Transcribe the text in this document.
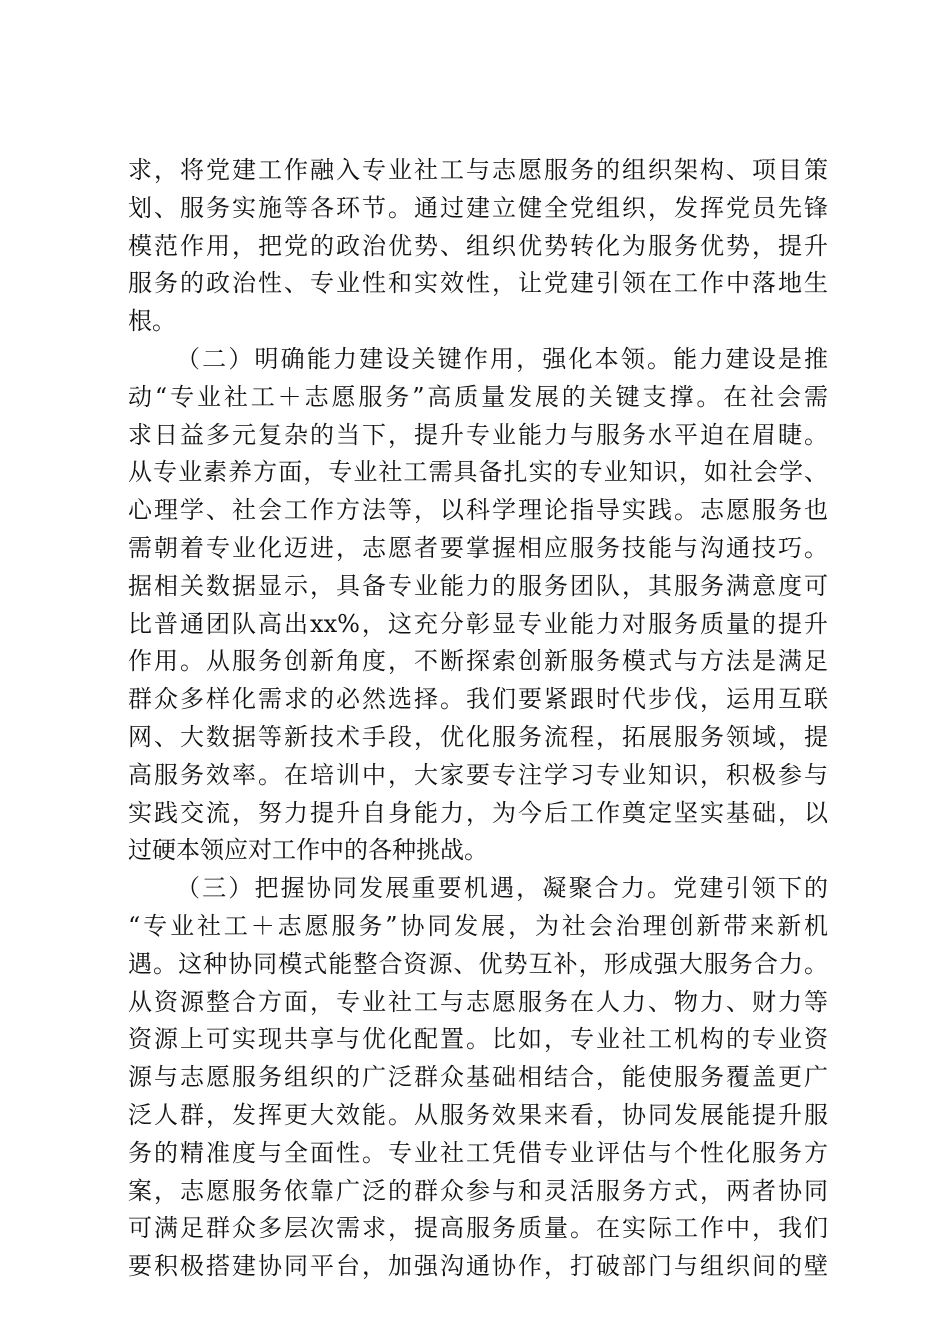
求，将党建工作融入专业社工与志愿服务的组织架构、项目策
划、服务实施等各环节。通过建立健全党组织，发挥党员先锋
模范作用，把党的政治优势、组织优势转化为服务优势，提升
服务的政治性、专业性和实效性，让党建引领在工作中落地生
根。
（二）明确能力建设关键作用，强化本领。能力建设是推
动“专业社工＋志愿服务”高质量发展的关键支撑。在社会需
求日益多元复杂的当下，提升专业能力与服务水平迫在眉睫。
从专业素养方面，专业社工需具备扎实的专业知识，如社会学、
心理学、社会工作方法等，以科学理论指导实践。志愿服务也
需朝着专业化迈进，志愿者要掌握相应服务技能与沟通技巧。
据相关数据显示，具备专业能力的服务团队，其服务满意度可
比普通团队高出xx%，这充分彰显专业能力对服务质量的提升
作用。从服务创新角度，不断探索创新服务模式与方法是满足
群众多样化需求的必然选择。我们要紧跟时代步伐，运用互联
网、大数据等新技术手段，优化服务流程，拓展服务领域，提
高服务效率。在培训中，大家要专注学习专业知识，积极参与
实践交流，努力提升自身能力，为今后工作奠定坚实基础，以
过硬本领应对工作中的各种挑战。
（三）把握协同发展重要机遇，凝聚合力。党建引领下的
“专业社工＋志愿服务”协同发展，为社会治理创新带来新机
遇。这种协同模式能整合资源、优势互补，形成强大服务合力。
从资源整合方面，专业社工与志愿服务在人力、物力、财力等
资源上可实现共享与优化配置。比如，专业社工机构的专业资
源与志愿服务组织的广泛群众基础相结合，能使服务覆盖更广
泛人群，发挥更大效能。从服务效果来看，协同发展能提升服
务的精准度与全面性。专业社工凭借专业评估与个性化服务方
案，志愿服务依靠广泛的群众参与和灵活服务方式，两者协同
可满足群众多层次需求，提高服务质量。在实际工作中，我们
要积极搭建协同平台，加强沟通协作，打破部门与组织间的壁
